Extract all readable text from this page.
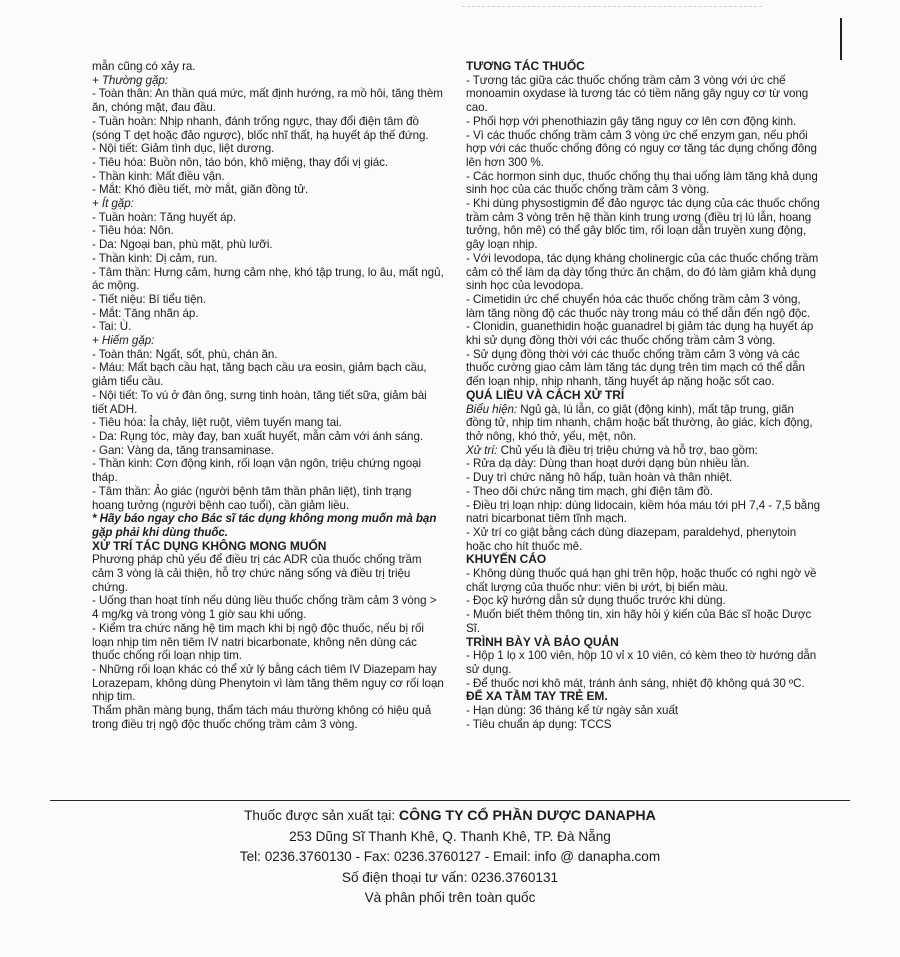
mẫn cũng có xảy ra.
+ Thường gặp:
- Toàn thân: An thần quá mức, mất định hướng, ra mồ hôi, tăng thèm ăn, chóng mặt, đau đầu.
- Tuần hoàn: Nhịp nhanh, đánh trống ngực, thay đổi điện tâm đồ (sóng T dẹt hoặc đảo ngược), blốc nhĩ thất, hạ huyết áp thế đứng.
- Nội tiết: Giảm tình dục, liệt dương.
- Tiêu hóa: Buồn nôn, táo bón, khô miệng, thay đổi vị giác.
- Thần kinh: Mất điều vận.
- Mắt: Khó điều tiết, mờ mắt, giãn đồng tử.
+ Ít gặp:
- Tuần hoàn: Tăng huyết áp.
- Tiêu hóa: Nôn.
- Da: Ngoại ban, phù mặt, phù lưỡi.
- Thần kinh: Dị cảm, run.
- Tâm thần: Hưng cảm, hưng cảm nhẹ, khó tập trung, lo âu, mất ngủ, ác mộng.
- Tiết niệu: Bí tiểu tiện.
- Mắt: Tăng nhãn áp.
- Tai: Ù.
+ Hiếm gặp:
- Toàn thân: Ngất, sốt, phù, chán ăn.
- Máu: Mất bạch cầu hạt, tăng bạch cầu ưa eosin, giảm bạch cầu, giảm tiểu cầu.
- Nội tiết: To vú ở đàn ông, sưng tinh hoàn, tăng tiết sữa, giảm bài tiết ADH.
- Tiêu hóa: Ỉa chảy, liệt ruột, viêm tuyến mang tai.
- Da: Rụng tóc, mày đay, ban xuất huyết, mẫn cảm với ánh sáng.
- Gan: Vàng da, tăng transaminase.
- Thần kinh: Cơn động kinh, rối loạn vận ngôn, triệu chứng ngoại tháp.
- Tâm thần: Ảo giác (người bệnh tâm thần phân liệt), tình trạng hoang tưởng (người bệnh cao tuổi), cần giảm liều.
* Hãy báo ngay cho Bác sĩ tác dụng không mong muốn mà bạn gặp phải khi dùng thuốc.
XỬ TRÍ TÁC DỤNG KHÔNG MONG MUỐN
Phương pháp chủ yếu để điều trị các ADR của thuốc chống trầm cảm 3 vòng là cải thiện, hỗ trợ chức năng sống và điều trị triệu chứng.
- Uống than hoạt tính nếu dùng liều thuốc chống trầm cảm 3 vòng > 4 mg/kg và trong vòng 1 giờ sau khi uống.
- Kiểm tra chức năng hệ tim mạch khi bị ngộ độc thuốc, nếu bị rối loạn nhịp tim nên tiêm IV natri bicarbonate, không nên dùng các thuốc chống rối loạn nhịp tim.
- Những rối loạn khác có thể xử lý bằng cách tiêm IV Diazepam hay Lorazepam, không dùng Phenytoin vì làm tăng thêm nguy cơ rối loạn nhịp tim.
Thẩm phân màng bụng, thẩm tách máu thường không có hiệu quả trong điều trị ngộ độc thuốc chống trầm cảm 3 vòng.
TƯƠNG TÁC THUỐC
- Tương tác giữa các thuốc chống trầm cảm 3 vòng với ức chế monoamin oxydase là tương tác có tiềm năng gây nguy cơ từ vong cao.
- Phối hợp với phenothiazin gây tăng nguy cơ lên cơn động kinh.
- Vì các thuốc chống trầm cảm 3 vòng ức chế enzym gan, nếu phối hợp với các thuốc chống đông có nguy cơ tăng tác dụng chống đông lên hơn 300 %.
- Các hormon sinh dục, thuốc chống thụ thai uống làm tăng khả dụng sinh học của các thuốc chống trầm cảm 3 vòng.
- Khi dùng physostigmin để đảo ngược tác dụng của các thuốc chống trầm cảm 3 vòng trên hệ thần kinh trung ương (điều trị lú lẫn, hoang tưởng, hôn mê) có thể gây blốc tim, rối loạn dẫn truyền xung động, gây loạn nhịp.
- Với levodopa, tác dụng kháng cholinergic của các thuốc chống trầm cảm có thể làm dạ dày tống thức ăn chậm, do đó làm giảm khả dụng sinh học của levodopa.
- Cimetidin ức chế chuyển hóa các thuốc chống trầm cảm 3 vòng, làm tăng nồng độ các thuốc này trong máu có thể dẫn đến ngộ độc.
- Clonidin, guanethidin hoặc guanadrel bị giảm tác dụng hạ huyết áp khi sử dụng đồng thời với các thuốc chống trầm cảm 3 vòng.
- Sử dụng đồng thời với các thuốc chống trầm cảm 3 vòng và các thuốc cường giao cảm làm tăng tác dụng trên tim mạch có thể dẫn đến loạn nhịp, nhịp nhanh, tăng huyết áp nặng hoặc sốt cao.
QUÁ LIỀU VÀ CÁCH XỬ TRÍ
Biểu hiện: Ngủ gà, lú lẫn, co giật (động kinh), mất tập trung, giãn đồng tử, nhịp tim nhanh, chậm hoặc bất thường, ảo giác, kích động, thở nông, khó thở, yếu, mệt, nôn.
Xử trí: Chủ yếu là điều trị triệu chứng và hỗ trợ, bao gồm:
- Rửa dạ dày: Dùng than hoạt dưới dạng bùn nhiều lần.
- Duy trì chức năng hô hấp, tuần hoàn và thân nhiệt.
- Theo dõi chức năng tim mạch, ghi điện tâm đồ.
- Điều trị loạn nhịp: dùng lidocain, kiềm hóa máu tới pH 7,4 - 7,5 bằng natri bicarbonat tiêm tĩnh mạch.
- Xử trí co giật bằng cách dùng diazepam, paraldehyd, phenytoin hoặc cho hít thuốc mê.
KHUYẾN CÁO
- Không dùng thuốc quá hạn ghi trên hộp, hoặc thuốc có nghi ngờ về chất lượng của thuốc như: viên bị ướt, bị biến màu.
- Đọc kỹ hướng dẫn sử dụng thuốc trước khi dùng.
- Muốn biết thêm thông tin, xin hãy hỏi ý kiến của Bác sĩ hoặc Dược Sĩ.
TRÌNH BÀY VÀ BẢO QUẢN
- Hộp 1 lọ x 100 viên, hộp 10 vỉ x 10 viên, có kèm theo tờ hướng dẫn sử dụng.
- Để thuốc nơi khô mát, tránh ánh sáng, nhiệt độ không quá 30 ºC.
ĐỂ XA TẦM TAY TRẺ EM.
- Hạn dùng: 36 tháng kể từ ngày sản xuất
- Tiêu chuẩn áp dụng: TCCS
Thuốc được sản xuất tại: CÔNG TY CỔ PHẦN DƯỢC DANAPHA
253 Dũng Sĩ Thanh Khê, Q. Thanh Khê, TP. Đà Nẵng
Tel: 0236.3760130 - Fax: 0236.3760127 - Email: info @ danapha.com
Số điện thoại tư vấn: 0236.3760131
Và phân phối trên toàn quốc
